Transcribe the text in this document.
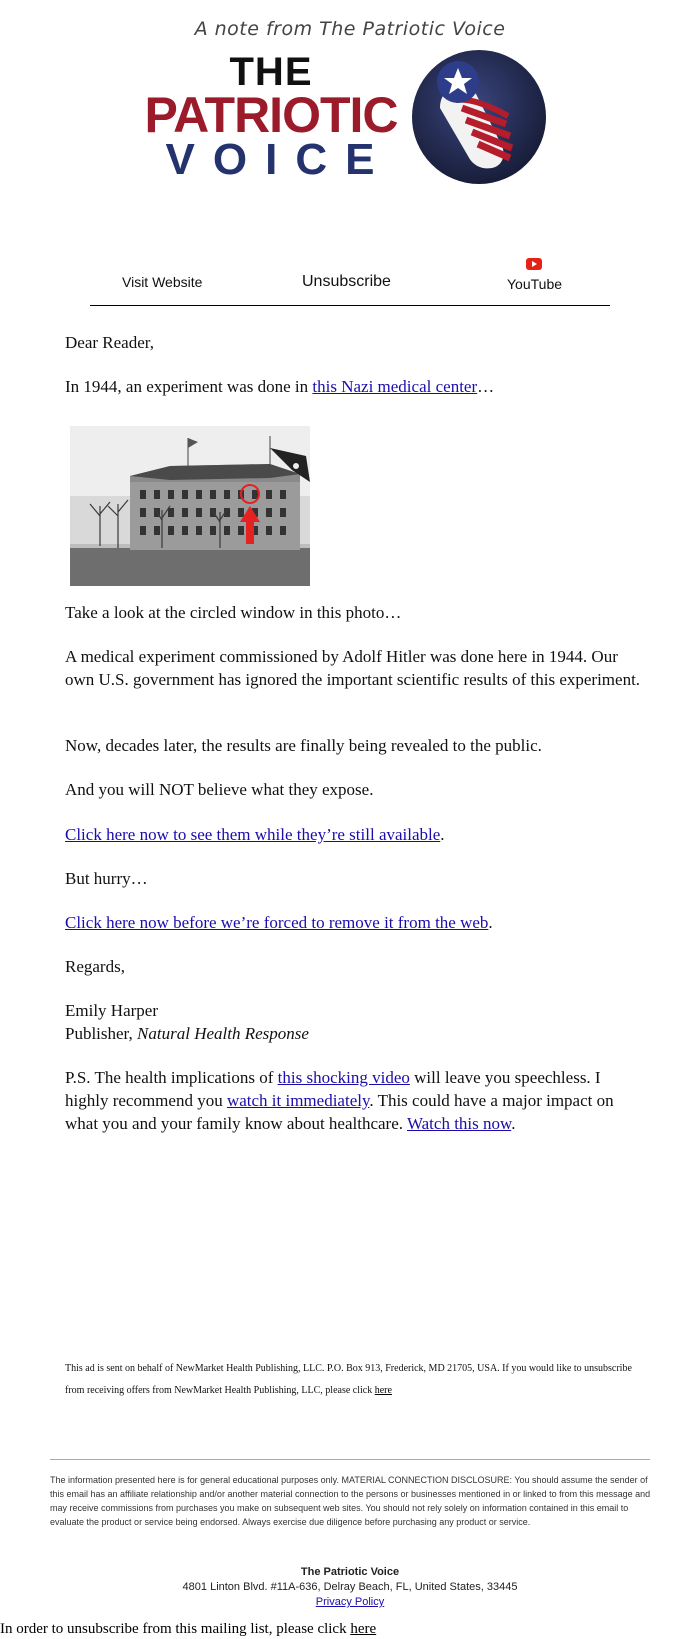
A note from The Patriotic Voice
THE
PATRIOTIC
VOICE
Visit Website	Unsubscribe	YouTube
Dear Reader,
In 1944, an experiment was done in this Nazi medical center…
Take a look at the circled window in this photo…
A medical experiment commissioned by Adolf Hitler was done here in 1944. Our own U.S. government has ignored the important scientific results of this experiment.
Now, decades later, the results are finally being revealed to the public.
And you will NOT believe what they expose.
Click here now to see them while they’re still available.
But hurry…
Click here now before we’re forced to remove it from the web.
Regards,
Emily Harper
Publisher, Natural Health Response
P.S. The health implications of this shocking video will leave you speechless. I highly recommend you watch it immediately. This could have a major impact on what you and your family know about healthcare. Watch this now.
This ad is sent on behalf of NewMarket Health Publishing, LLC. P.O. Box 913, Frederick, MD 21705, USA. If you would like to unsubscribe from receiving offers from NewMarket Health Publishing, LLC, please click here
The information presented here is for general educational purposes only. MATERIAL CONNECTION DISCLOSURE: You should assume the sender of this email has an affiliate relationship and/or another material connection to the persons or businesses mentioned in or linked to from this message and may receive commissions from purchases you make on subsequent web sites. You should not rely solely on information contained in this email to evaluate the product or service being endorsed. Always exercise due diligence before purchasing any product or service.
The Patriotic Voice
4801 Linton Blvd. #11A-636, Delray Beach, FL, United States, 33445
Privacy Policy
In order to unsubscribe from this mailing list, please click here
